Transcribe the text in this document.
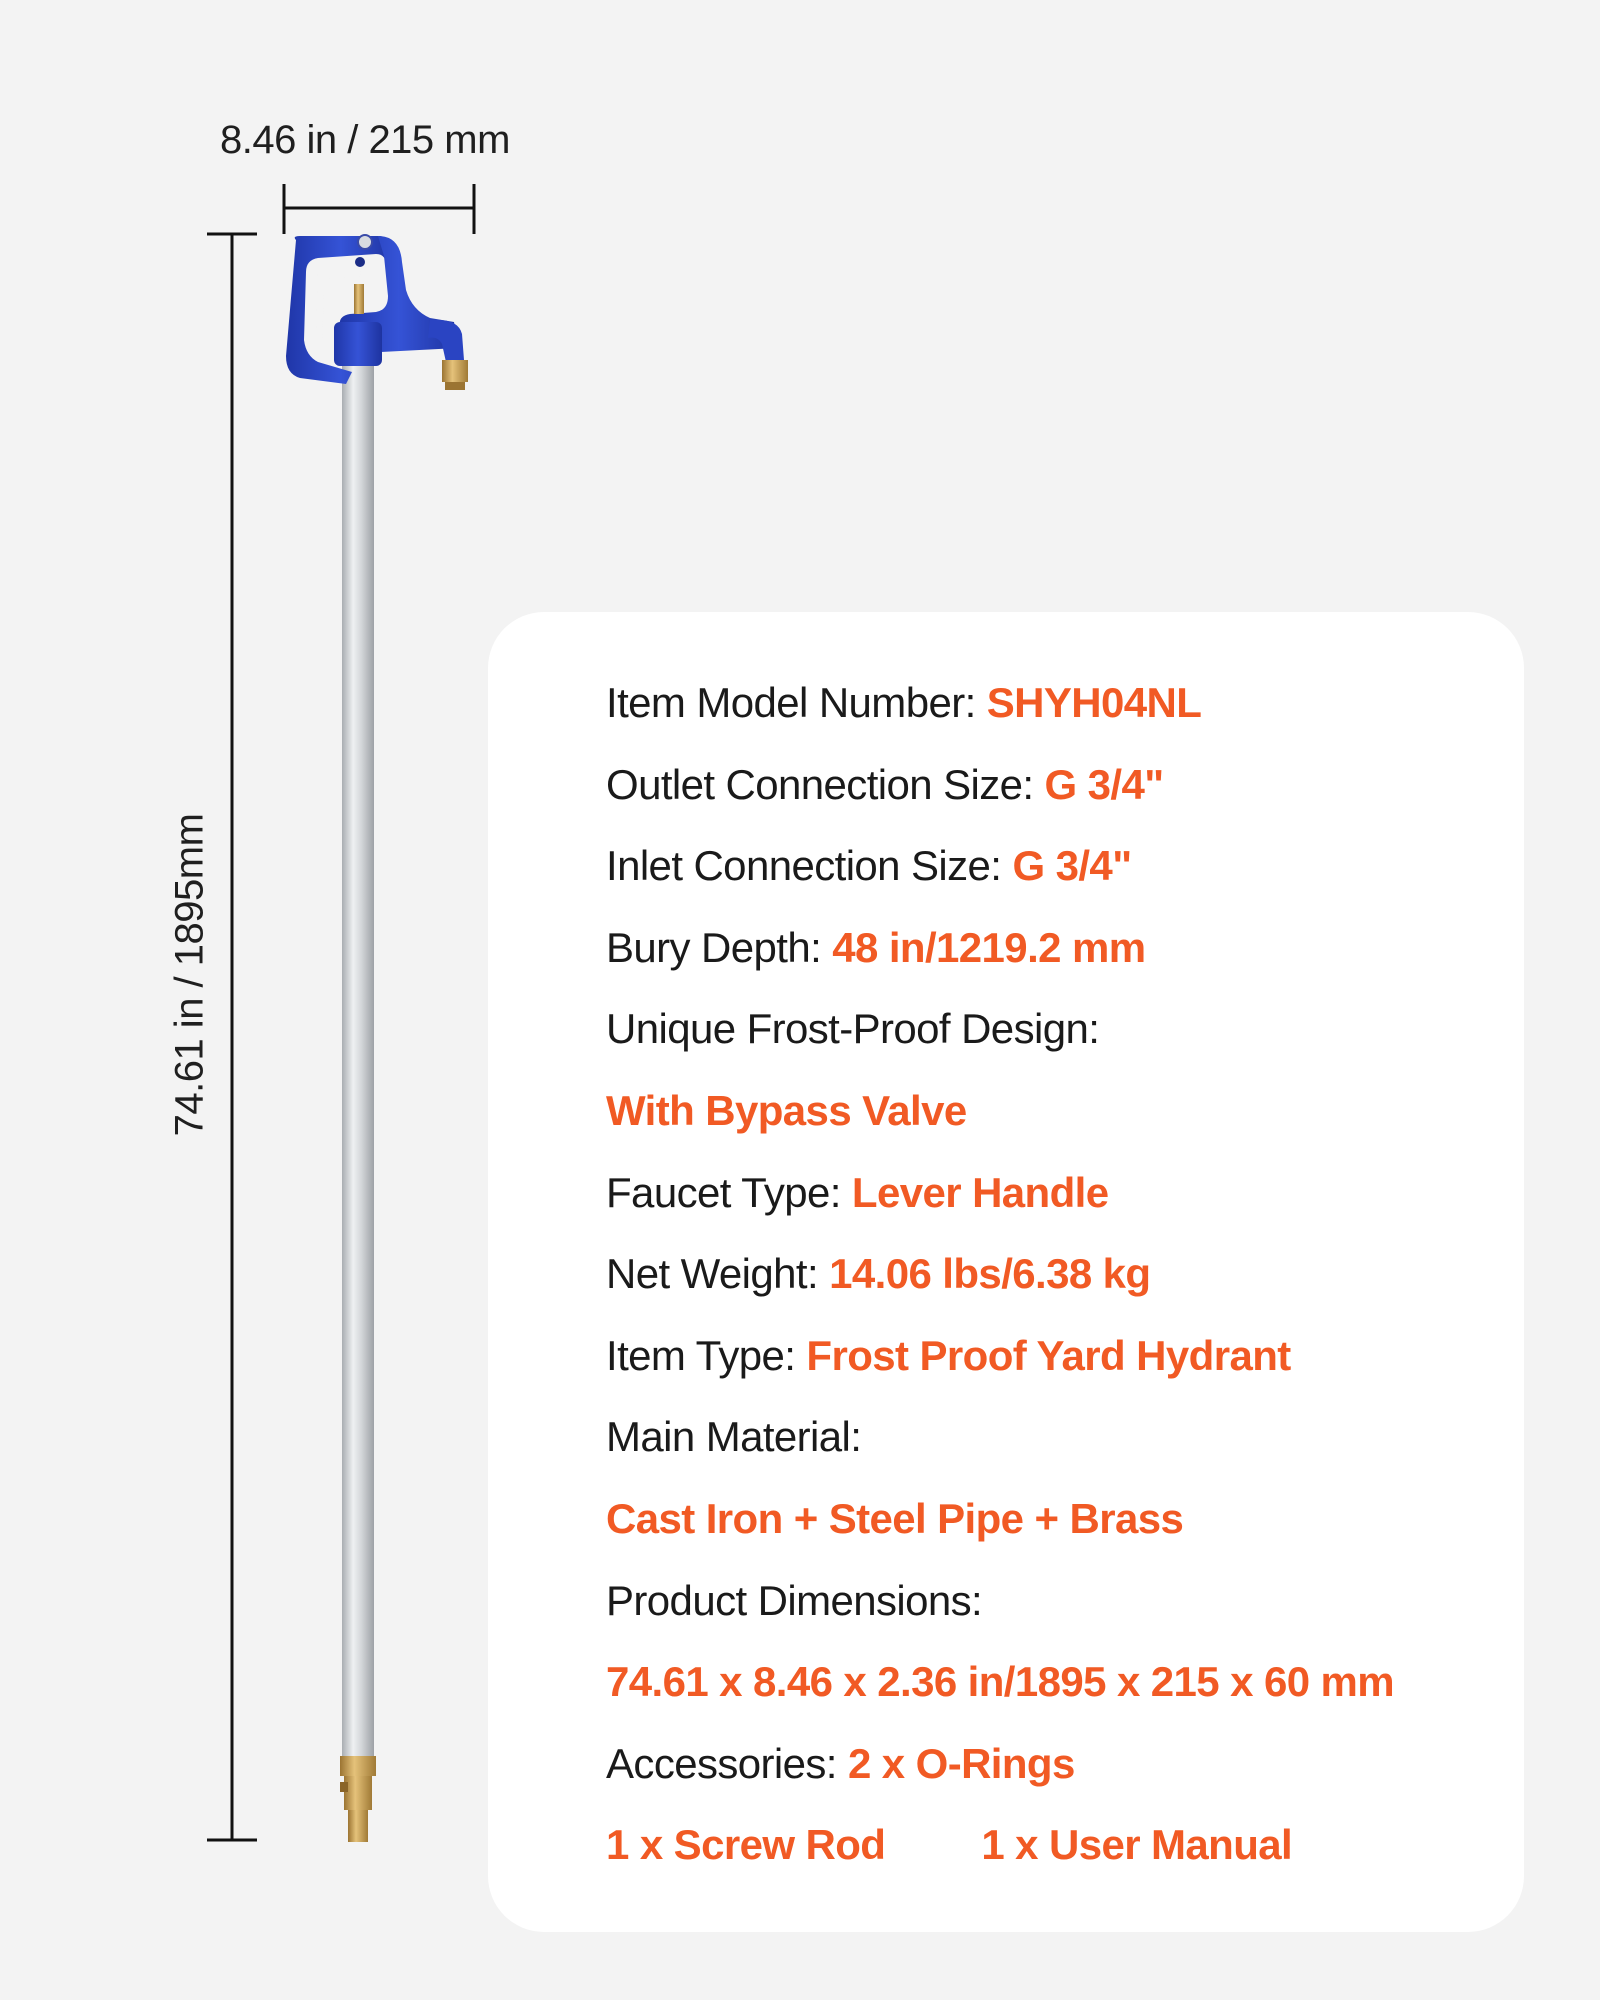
8.46 in / 215 mm
74.61 in / 1895mm
Item Model Number: SHYH04NL
Outlet Connection Size: G 3/4"
Inlet Connection Size: G 3/4"
Bury Depth: 48 in/1219.2 mm
Unique Frost-Proof Design:
With Bypass Valve
Faucet Type: Lever Handle
Net Weight: 14.06 lbs/6.38 kg
Item Type: Frost Proof Yard Hydrant
Main Material:
Cast Iron + Steel Pipe + Brass
Product Dimensions:
74.61 x 8.46 x 2.36 in/1895 x 215 x 60 mm
Accessories: 2 x O-Rings
1 x Screw Rod 1 x User Manual
